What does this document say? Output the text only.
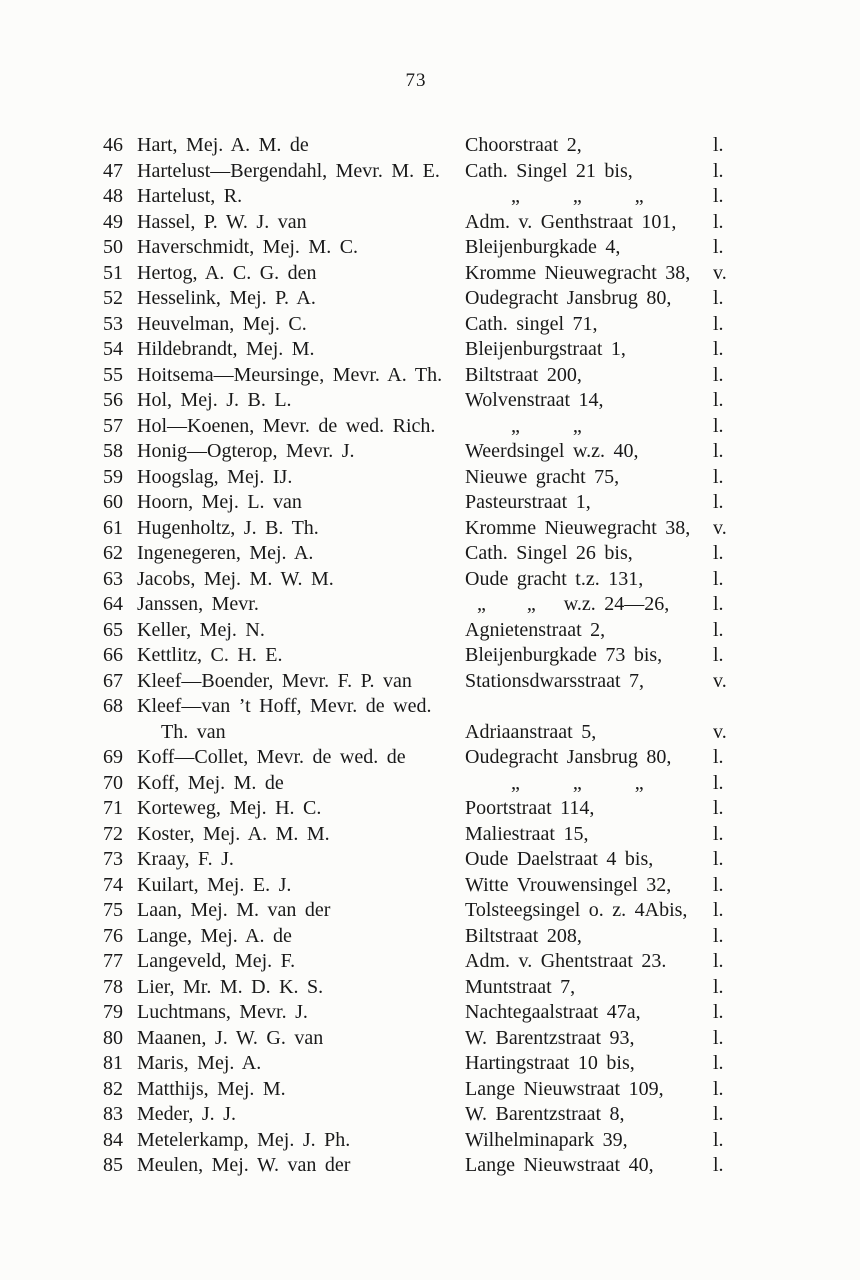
73
46 Hart, Mej. A. M. de	Choorstraat 2,	l.
47 Hartelust—Bergendahl, Mevr. M. E.	Cath. Singel 21 bis,	l.
48 Hartelust, R.	„ „ „	l.
49 Hassel, P. W. J. van	Adm. v. Genthstraat 101,	l.
50 Haverschmidt, Mej. M. C.	Bleijenburgkade 4,	l.
51 Hertog, A. C. G. den	Kromme Nieuwegracht 38,	v.
52 Hesselink, Mej. P. A.	Oudegracht Jansbrug 80,	l.
53 Heuvelman, Mej. C.	Cath. singel 71,	l.
54 Hildebrandt, Mej. M.	Bleijenburgstraat 1,	l.
55 Hoitsema—Meursinge, Mevr. A. Th.	Biltstraat 200,	l.
56 Hol, Mej. J. B. L.	Wolvenstraat 14,	l.
57 Hol—Koenen, Mevr. de wed. Rich.	„ „	l.
58 Honig—Ogterop, Mevr. J.	Weerdsingel w.z. 40,	l.
59 Hoogslag, Mej. IJ.	Nieuwe gracht 75,	l.
60 Hoorn, Mej. L. van	Pasteurstraat 1,	l.
61 Hugenholtz, J. B. Th.	Kromme Nieuwegracht 38,	v.
62 Ingenegeren, Mej. A.	Cath. Singel 26 bis,	l.
63 Jacobs, Mej. M. W. M.	Oude gracht t.z. 131,	l.
64 Janssen, Mevr.	„ „ w.z. 24—26,	l.
65 Keller, Mej. N.	Agnietenstraat 2,	l.
66 Kettlitz, C. H. E.	Bleijenburgkade 73 bis,	l.
67 Kleef—Boender, Mevr. F. P. van	Stationsdwarsstraat 7,	v.
68 Kleef—van ’t Hoff, Mevr. de wed.
Th. van	Adriaanstraat 5,	v.
69 Koff—Collet, Mevr. de wed. de	Oudegracht Jansbrug 80,	l.
70 Koff, Mej. M. de	„ „ „	l.
71 Korteweg, Mej. H. C.	Poortstraat 114,	l.
72 Koster, Mej. A. M. M.	Maliestraat 15,	l.
73 Kraay, F. J.	Oude Daelstraat 4 bis,	l.
74 Kuilart, Mej. E. J.	Witte Vrouwensingel 32,	l.
75 Laan, Mej. M. van der	Tolsteegsingel o. z. 4Abis,	l.
76 Lange, Mej. A. de	Biltstraat 208,	l.
77 Langeveld, Mej. F.	Adm. v. Ghentstraat 23.	l.
78 Lier, Mr. M. D. K. S.	Muntstraat 7,	l.
79 Luchtmans, Mevr. J.	Nachtegaalstraat 47a,	l.
80 Maanen, J. W. G. van	W. Barentzstraat 93,	l.
81 Maris, Mej. A.	Hartingstraat 10 bis,	l.
82 Matthijs, Mej. M.	Lange Nieuwstraat 109,	l.
83 Meder, J. J.	W. Barentzstraat 8,	l.
84 Metelerkamp, Mej. J. Ph.	Wilhelminapark 39,	l.
85 Meulen, Mej. W. van der	Lange Nieuwstraat 40,	l.
